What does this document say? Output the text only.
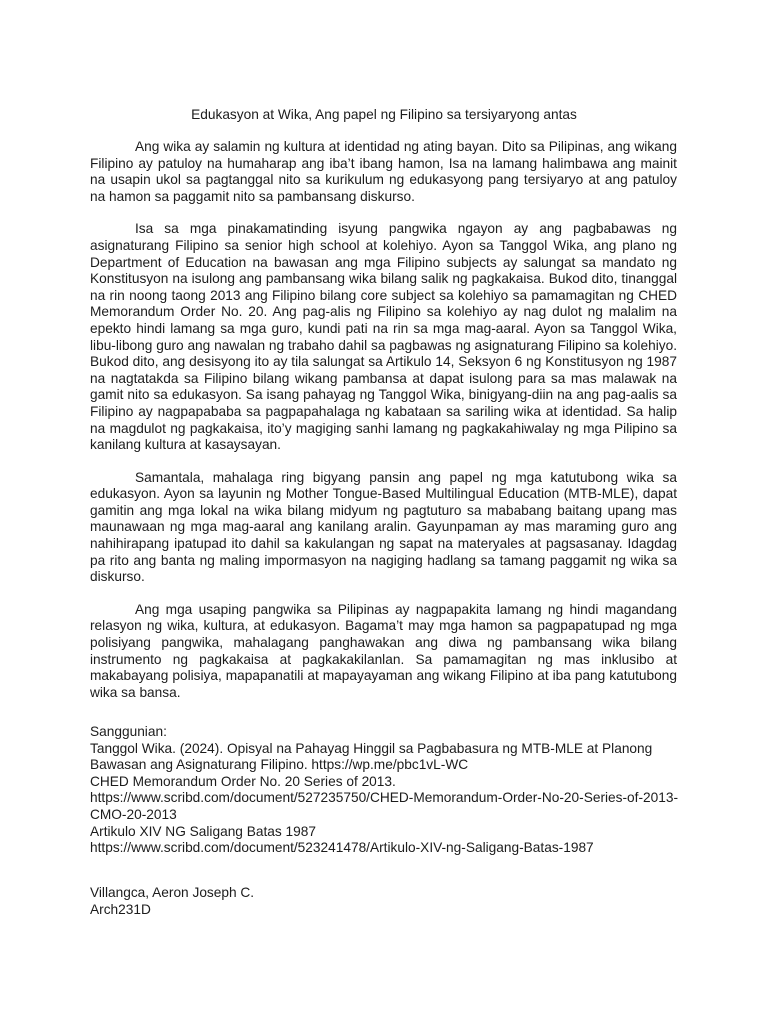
Edukasyon at Wika, Ang papel ng Filipino sa tersiyaryong antas

Ang wika ay salamin ng kultura at identidad ng ating bayan. Dito sa Pilipinas, ang wikang Filipino ay patuloy na humaharap ang iba’t ibang hamon, Isa na lamang halimbawa ang mainit na usapin ukol sa pagtanggal nito sa kurikulum ng edukasyong pang tersiyaryo at ang patuloy na hamon sa paggamit nito sa pambansang diskurso.

Isa sa mga pinakamatinding isyung pangwika ngayon ay ang pagbabawas ng asignaturang Filipino sa senior high school at kolehiyo. Ayon sa Tanggol Wika, ang plano ng Department of Education na bawasan ang mga Filipino subjects ay salungat sa mandato ng Konstitusyon na isulong ang pambansang wika bilang salik ng pagkakaisa. Bukod dito, tinanggal na rin noong taong 2013 ang Filipino bilang core subject sa kolehiyo sa pamamagitan ng CHED Memorandum Order No. 20. Ang pag-alis ng Filipino sa kolehiyo ay nag dulot ng malalim na epekto hindi lamang sa mga guro, kundi pati na rin sa mga mag-aaral. Ayon sa Tanggol Wika, libu-libong guro ang nawalan ng trabaho dahil sa pagbawas ng asignaturang Filipino sa kolehiyo. Bukod dito, ang desisyong ito ay tila salungat sa Artikulo 14, Seksyon 6 ng Konstitusyon ng 1987 na nagtatakda sa Filipino bilang wikang pambansa at dapat isulong para sa mas malawak na gamit nito sa edukasyon. Sa isang pahayag ng Tanggol Wika, binigyang-diin na ang pag-aalis sa Filipino ay nagpapababa sa pagpapahalaga ng kabataan sa sariling wika at identidad. Sa halip na magdulot ng pagkakaisa, ito’y magiging sanhi lamang ng pagkakahiwalay ng mga Pilipino sa kanilang kultura at kasaysayan.

Samantala, mahalaga ring bigyang pansin ang papel ng mga katutubong wika sa edukasyon. Ayon sa layunin ng Mother Tongue-Based Multilingual Education (MTB-MLE), dapat gamitin ang mga lokal na wika bilang midyum ng pagtuturo sa mababang baitang upang mas maunawaan ng mga mag-aaral ang kanilang aralin. Gayunpaman ay mas maraming guro ang nahihirapang ipatupad ito dahil sa kakulangan ng sapat na materyales at pagsasanay. Idagdag pa rito ang banta ng maling impormasyon na nagiging hadlang sa tamang paggamit ng wika sa diskurso.

Ang mga usaping pangwika sa Pilipinas ay nagpapakita lamang ng hindi magandang relasyon ng wika, kultura, at edukasyon. Bagama’t may mga hamon sa pagpapatupad ng mga polisiyang pangwika, mahalagang panghawakan ang diwa ng pambansang wika bilang instrumento ng pagkakaisa at pagkakakilanlan. Sa pamamagitan ng mas inklusibo at makabayang polisiya, mapapanatili at mapayayaman ang wikang Filipino at iba pang katutubong wika sa bansa.

Sanggunian:

Tanggol Wika. (2024). Opisyal na Pahayag Hinggil sa Pagbabasura ng MTB-MLE at Planong Bawasan ang Asignaturang Filipino. https://wp.me/pbc1vL-WC

CHED Memorandum Order No. 20 Series of 2013.

https://www.scribd.com/document/527235750/CHED-Memorandum-Order-No-20-Series-of-2013-CMO-20-2013

Artikulo XIV NG Saligang Batas 1987

https://www.scribd.com/document/523241478/Artikulo-XIV-ng-Saligang-Batas-1987

Villangca, Aeron Joseph C.

Arch231D
